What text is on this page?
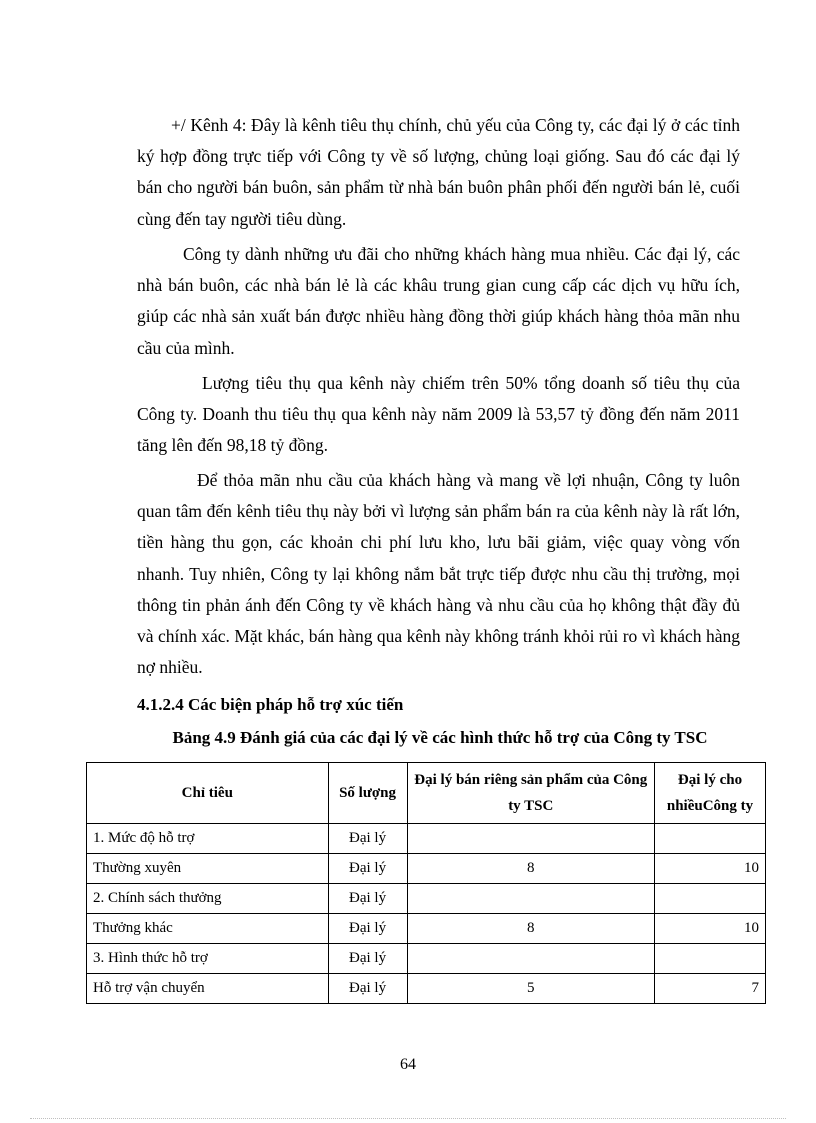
+/ Kênh 4: Đây là kênh tiêu thụ chính, chủ yếu của Công ty, các đại lý ở các tỉnh ký hợp đồng trực tiếp với Công ty về số lượng, chủng loại giống. Sau đó các đại lý bán cho người bán buôn, sản phẩm từ nhà bán buôn phân phối đến người bán lẻ, cuối cùng đến tay người tiêu dùng.

Công ty dành những ưu đãi cho những khách hàng mua nhiều. Các đại lý, các nhà bán buôn, các nhà bán lẻ là các khâu trung gian cung cấp các dịch vụ hữu ích, giúp các nhà sản xuất bán được nhiều hàng đồng thời giúp khách hàng thỏa mãn nhu cầu của mình.

Lượng tiêu thụ qua kênh này chiếm trên 50% tổng doanh số tiêu thụ của Công ty. Doanh thu tiêu thụ qua kênh này năm 2009 là 53,57 tỷ đồng đến năm 2011 tăng lên đến 98,18 tỷ đồng.

Để thỏa mãn nhu cầu của khách hàng và mang về lợi nhuận, Công ty luôn quan tâm đến kênh tiêu thụ này bởi vì lượng sản phẩm bán ra của kênh này là rất lớn, tiền hàng thu gọn, các khoản chi phí lưu kho, lưu bãi giảm, việc quay vòng vốn nhanh. Tuy nhiên, Công ty lại không nắm bắt trực tiếp được nhu cầu thị trường, mọi thông tin phản ánh đến Công ty về khách hàng và nhu cầu của họ không thật đầy đủ và chính xác. Mặt khác, bán hàng qua kênh này không tránh khỏi rủi ro vì khách hàng nợ nhiều.

4.1.2.4 Các biện pháp hỗ trợ xúc tiến

Bảng 4.9 Đánh giá của các đại lý về các hình thức hỗ trợ của Công ty TSC

Chỉ tiêu	Số lượng	Đại lý bán riêng sản phẩm của Công ty TSC	Đại lý cho nhiềuCông ty
1. Mức độ hỗ trợ	Đại lý		
Thường xuyên	Đại lý	8	10
2. Chính sách thưởng	Đại lý		
Thưởng khác	Đại lý	8	10
3. Hình thức hỗ trợ	Đại lý		
Hỗ trợ vận chuyển	Đại lý	5	7

64
